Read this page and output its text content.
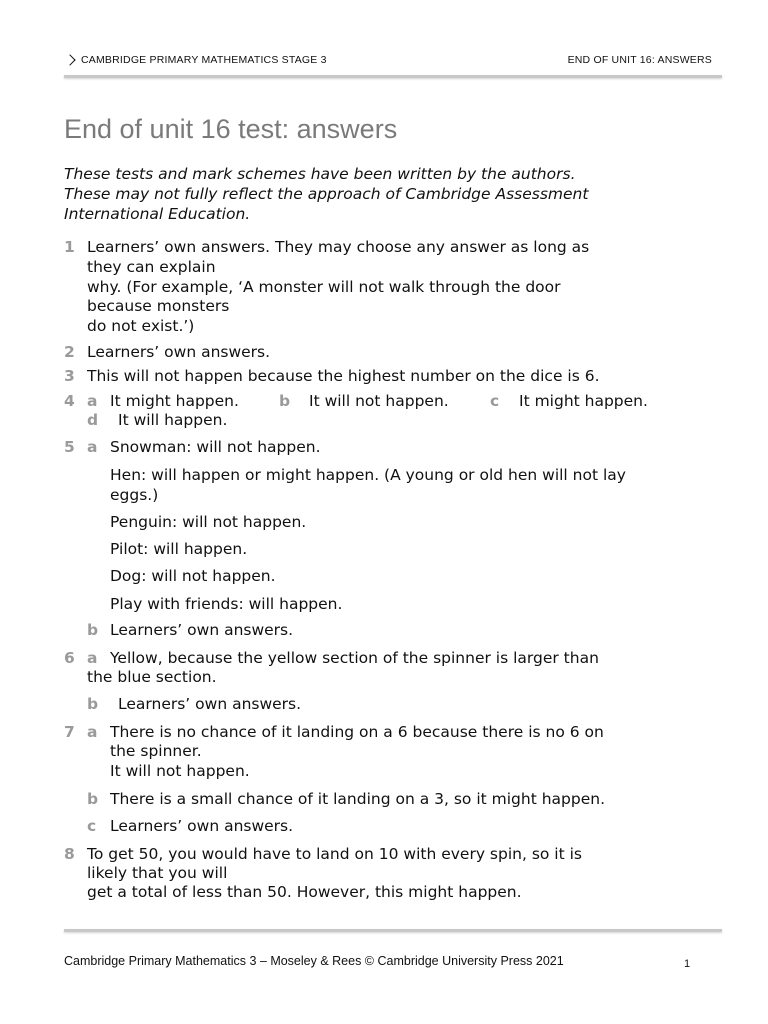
CAMBRIDGE PRIMARY MATHEMATICS STAGE 3	END OF UNIT 16: ANSWERS
End of unit 16 test: answers
These tests and mark schemes have been written by the authors.
These may not fully reflect the approach of Cambridge Assessment
International Education.
1 Learners’ own answers. They may choose any answer as long as
they can explain
why. (For example, ‘A monster will not walk through the door
because monsters
do not exist.’)
2 Learners’ own answers.
3 This will not happen because the highest number on the dice is 6.
4 a It might happen.	b It will not happen.	c It might happen.
d It will happen.
5 a Snowman: will not happen.
Hen: will happen or might happen. (A young or old hen will not lay
eggs.)
Penguin: will not happen.
Pilot: will happen.
Dog: will not happen.
Play with friends: will happen.
b Learners’ own answers.
6 a Yellow, because the yellow section of the spinner is larger than
the blue section.
b Learners’ own answers.
7 a There is no chance of it landing on a 6 because there is no 6 on
the spinner.
It will not happen.
b There is a small chance of it landing on a 3, so it might happen.
c Learners’ own answers.
8 To get 50, you would have to land on 10 with every spin, so it is
likely that you will
get a total of less than 50. However, this might happen.
Cambridge Primary Mathematics 3 – Moseley & Rees © Cambridge University Press 2021	1
